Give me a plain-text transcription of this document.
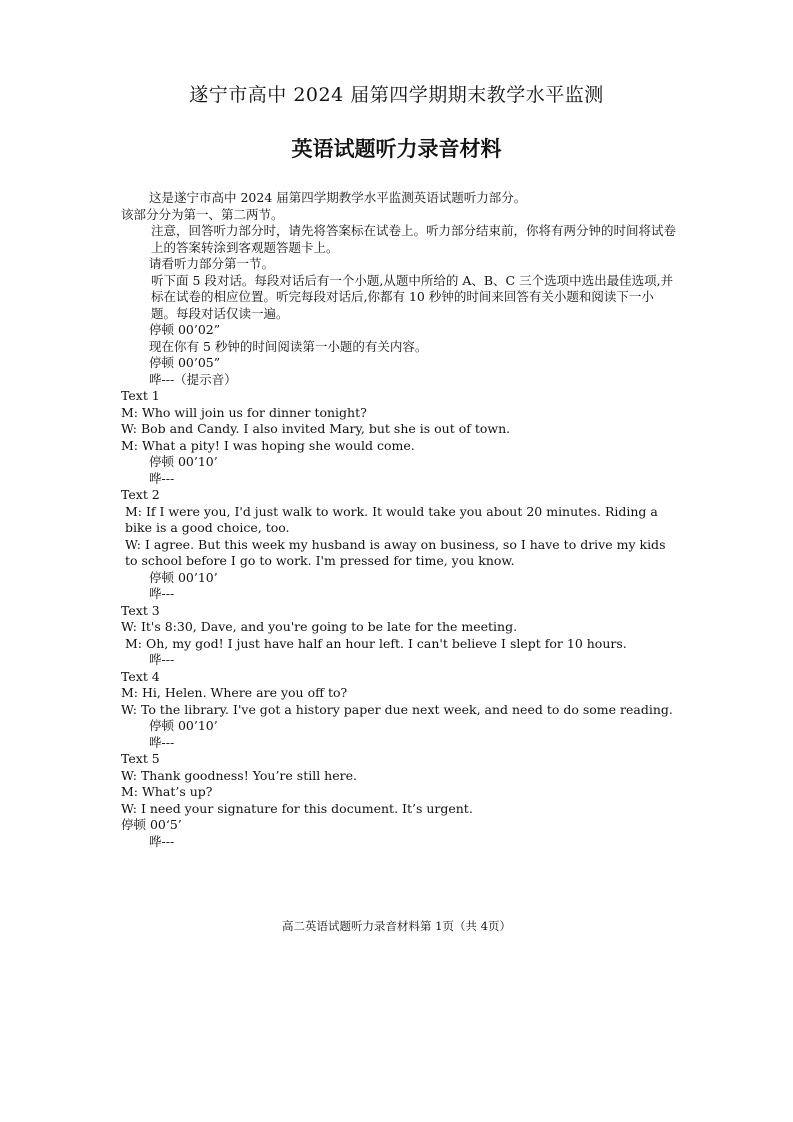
遂宁市高中 2024 届第四学期期末教学水平监测
英语试题听力录音材料

这是遂宁市高中 2024 届第四学期教学水平监测英语试题听力部分。

该部分分为第一、第二两节。

注意，回答听力部分时，请先将答案标在试卷上。听力部分结束前，你将有两分钟的时间将试卷上的答案转涂到客观题答题卡上。

请看听力部分第一节。

听下面 5 段对话。每段对话后有一个小题,从题中所给的 A、B、C 三个选项中选出最佳选项,并标在试卷的相应位置。听完每段对话后,你都有 10 秒钟的时间来回答有关小题和阅读下一小题。每段对话仅读一遍。

停顿 00’02”

现在你有 5 秒钟的时间阅读第一小题的有关内容。

停顿 00’05”

哗---（提示音）

Text 1

M: Who will join us for dinner tonight?

W: Bob and Candy. I also invited Mary, but she is out of town.

M: What a pity! I was hoping she would come.

停顿 00’10’

哗---

Text 2

M: If I were you, I'd just walk to work. It would take you about 20 minutes. Riding a bike is a good choice, too.

W: I agree. But this week my husband is away on business, so I have to drive my kids to school before I go to work. I'm pressed for time, you know.

停顿 00’10’

哗---

Text 3

W: It's 8:30, Dave, and you're going to be late for the meeting.

M: Oh, my god! I just have half an hour left. I can't believe I slept for 10 hours.

哗---

Text 4

M: Hi, Helen. Where are you off to?

W: To the library. I've got a history paper due next week, and need to do some reading.

停顿 00’10’

哗---

Text 5

W: Thank goodness! You’re still here.

M: What’s up?

W: I need your signature for this document. It’s urgent.

停顿 00‘5’

哗---

高二英语试题听力录音材料第 1页（共 4页）
